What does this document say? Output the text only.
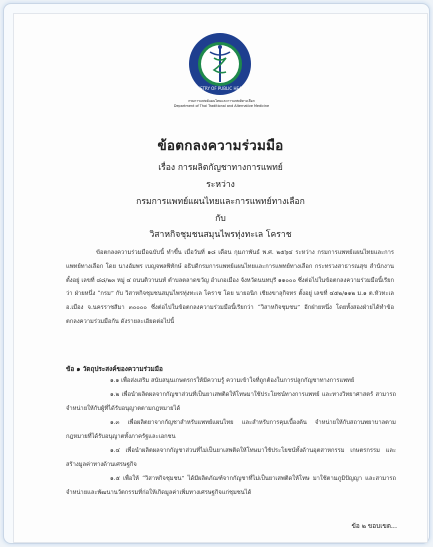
MINISTRY OF PUBLIC HEALTH
กรมการแพทย์แผนไทยและการแพทย์ทางเลือก
Department of Thai Traditional and Alternative Medicine
ข้อตกลงความร่วมมือ
เรื่อง การผลิตกัญชาทางการแพทย์
ระหว่าง
กรมการแพทย์แผนไทยและการแพทย์ทางเลือก
กับ
วิสาหกิจชุมชนสมุนไพรทุ่งทะเล โคราช
ข้อตกลงความร่วมมือฉบับนี้ ทำขึ้น เมื่อวันที่ ๑๘ เดือน กุมภาพันธ์ พ.ศ. ๒๕๖๔ ระหว่าง กรมการแพทย์แผนไทยและการแพทย์ทางเลือก โดย นางอัมพร เบญจพลพิทักษ์ อธิบดีกรมการแพทย์แผนไทยและการแพทย์ทางเลือก กระทรวงสาธารณสุข สำนักงานตั้งอยู่ เลขที่ ๘๘/๒๓ หมู่ ๔ ถนนติวานนท์ ตำบลตลาดขวัญ อำเภอเมือง จังหวัดนนทบุรี ๑๑๐๐๐ ซึ่งต่อไปในข้อตกลงความร่วมมือนี้เรียกว่า ฝ่ายหนึ่ง “กรม” กับ วิสาหกิจชุมชนสมุนไพรทุ่งทะเล โคราช โดย นายอนิก เชียงขาลุกิจทร ตั้งอยู่ เลขที่ ๔๕๒/๑๑๒ ม.๑ ต.หัวทะเล อ.เมือง จ.นครราชสีมา ๓๐๐๐๐ ซึ่งต่อไปในข้อตกลงความร่วมมือนี้เรียกว่า “วิสาหกิจชุมชน” อีกฝ่ายหนึ่ง โดยทั้งสองฝ่ายได้ทำข้อตกลงความร่วมมือกัน ดังรายละเอียดต่อไปนี้
ข้อ ๑ วัตถุประสงค์ของความร่วมมือ
๑.๑ เพื่อส่งเสริม สนับสนุนเกษตรกรให้มีความรู้ ความเข้าใจที่ถูกต้องในการปลูกกัญชาทางการแพทย์
๑.๒ เพื่อนำผลิตผลจากกัญชาส่วนที่เป็นยาเสพติดให้โทษมาใช้ประโยชน์ทางการแพทย์ และทางวิทยาศาสตร์ สามารถจำหน่ายให้กับผู้ที่ได้รับอนุญาตตามกฎหมายได้
๑.๓ เพื่อผลิตยาจากกัญชาสำหรับแพทย์แผนไทย และสำหรับการคุมเบื้องต้น จำหน่ายให้กับสถานพยาบาลตามกฎหมายที่ได้รับอนุญาตทั้งภาครัฐและเอกชน
๑.๔ เพื่อนำผลิตผลจากกัญชาส่วนที่ไม่เป็นยาเสพติดให้โทษมาใช้ประโยชน์ทั้งด้านอุตสาหกรรม เกษตรกรรม และสร้างมูลค่าทางด้านเศรษฐกิจ
๑.๕ เพื่อให้ “วิสาหกิจชุมชน” ได้มีผลิตภัณฑ์จากกัญชาที่ไม่เป็นยาเสพติดให้โทษ มาใช้ตามภูมิปัญญา และสามารถจำหน่ายและพัฒนานวัตกรรมที่ก่อให้เกิดมูลค่าเพิ่มทางเศรษฐกิจแก่ชุมชนได้
ข้อ ๒ ขอบเขต...
